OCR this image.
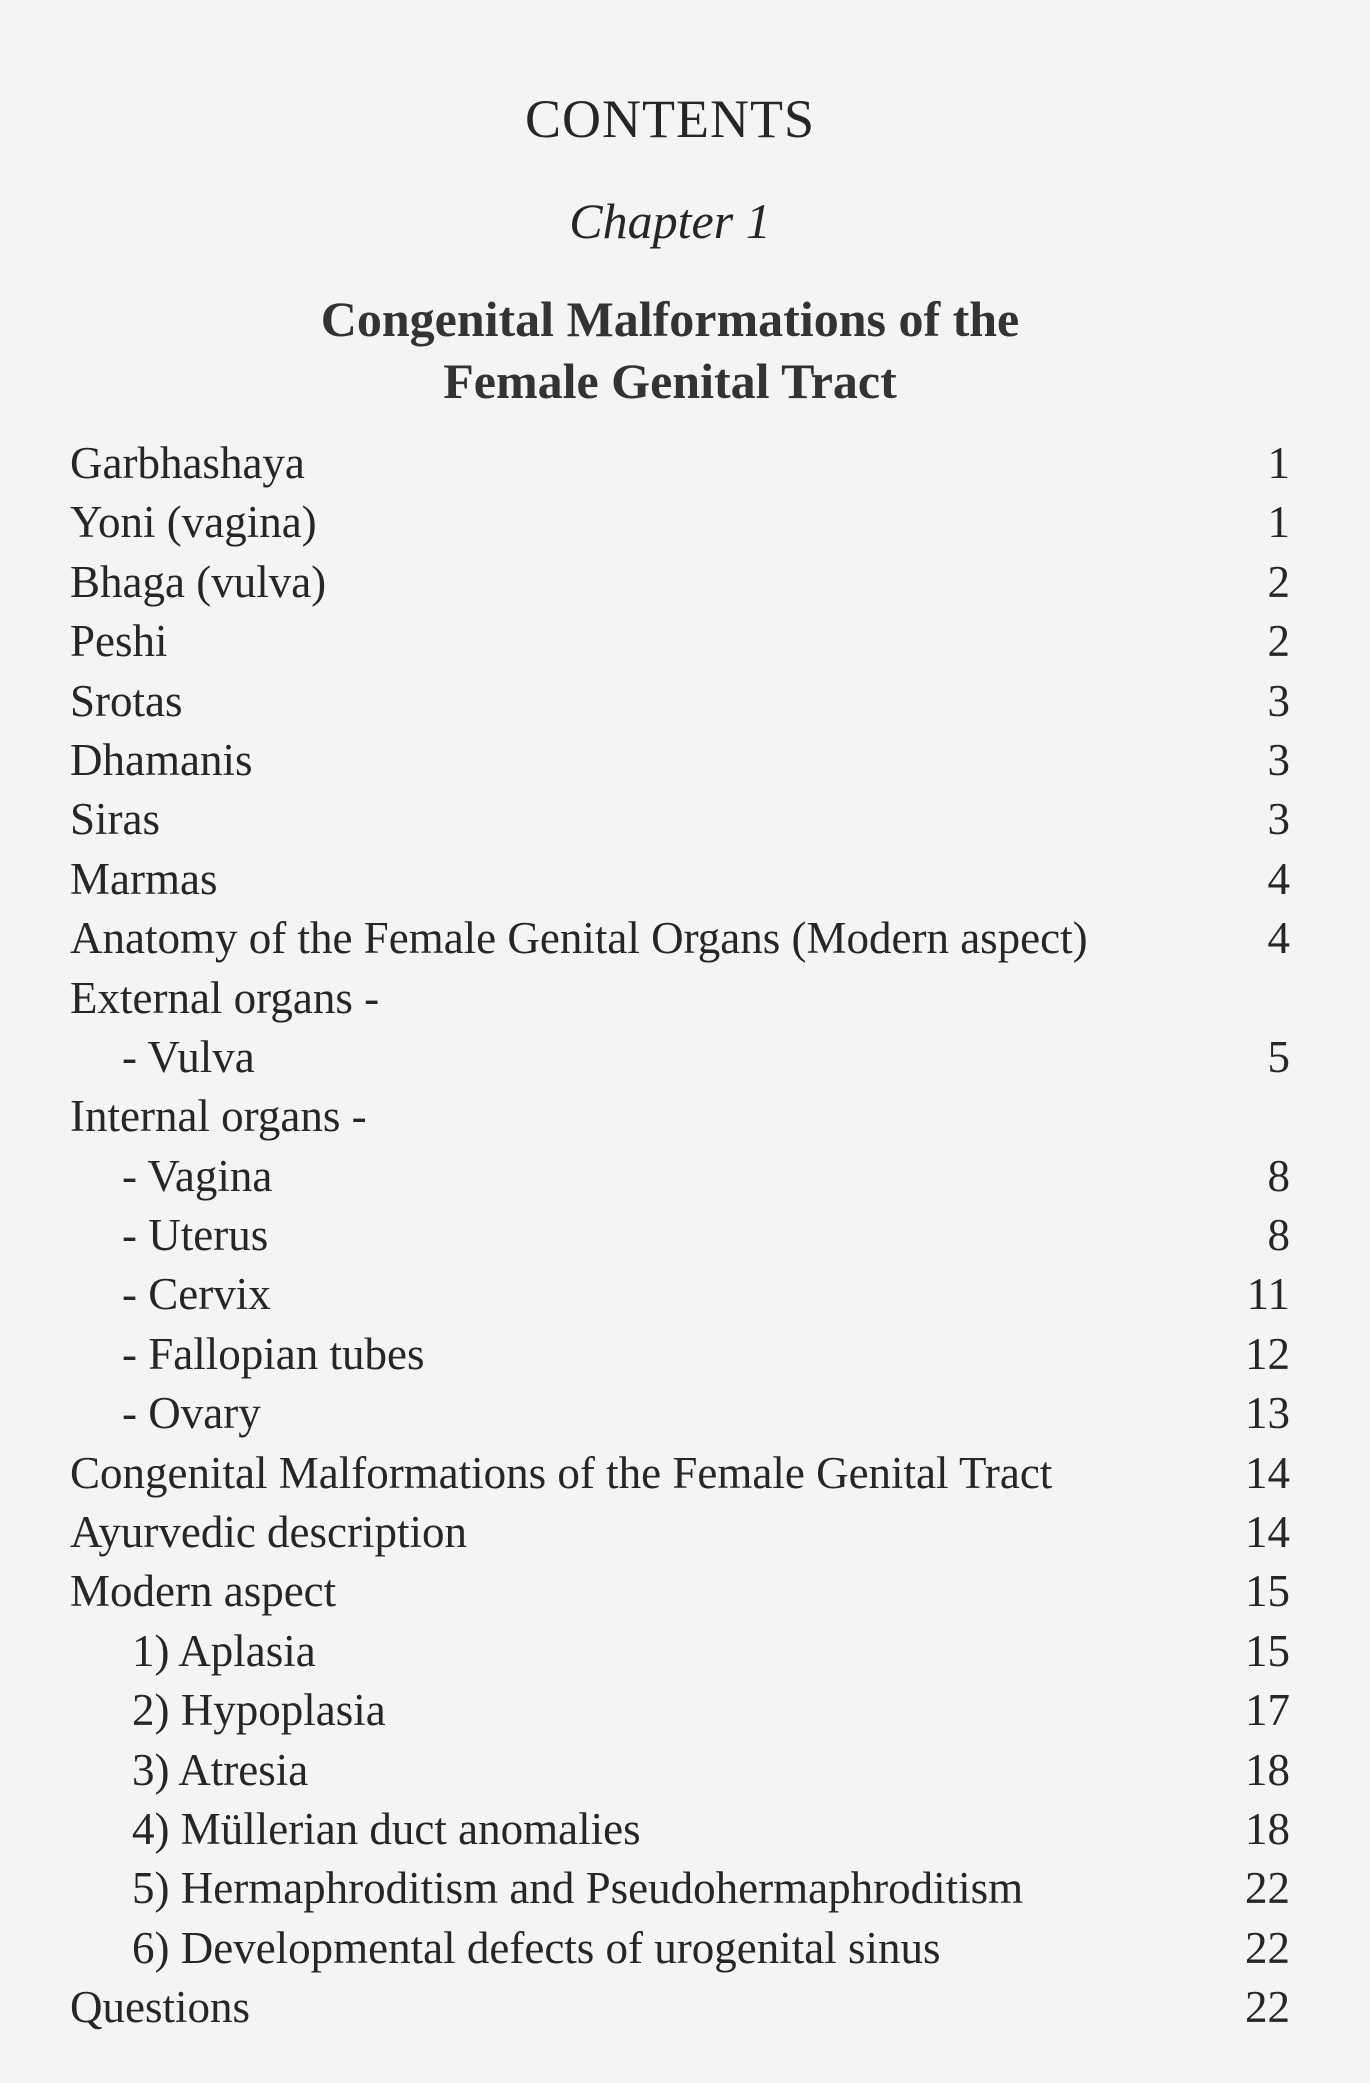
CONTENTS
Chapter 1
Congenital Malformations of the
Female Genital Tract
Garbhashaya	1
Yoni (vagina)	1
Bhaga (vulva)	2
Peshi	2
Srotas	3
Dhamanis	3
Siras	3
Marmas	4
Anatomy of the Female Genital Organs (Modern aspect)	4
External organs -
- Vulva	5
Internal organs -
- Vagina	8
- Uterus	8
- Cervix	11
- Fallopian tubes	12
- Ovary	13
Congenital Malformations of the Female Genital Tract	14
Ayurvedic description	14
Modern aspect	15
1) Aplasia	15
2) Hypoplasia	17
3) Atresia	18
4) Müllerian duct anomalies	18
5) Hermaphroditism and Pseudohermaphroditism	22
6) Developmental defects of urogenital sinus	22
Questions	22
